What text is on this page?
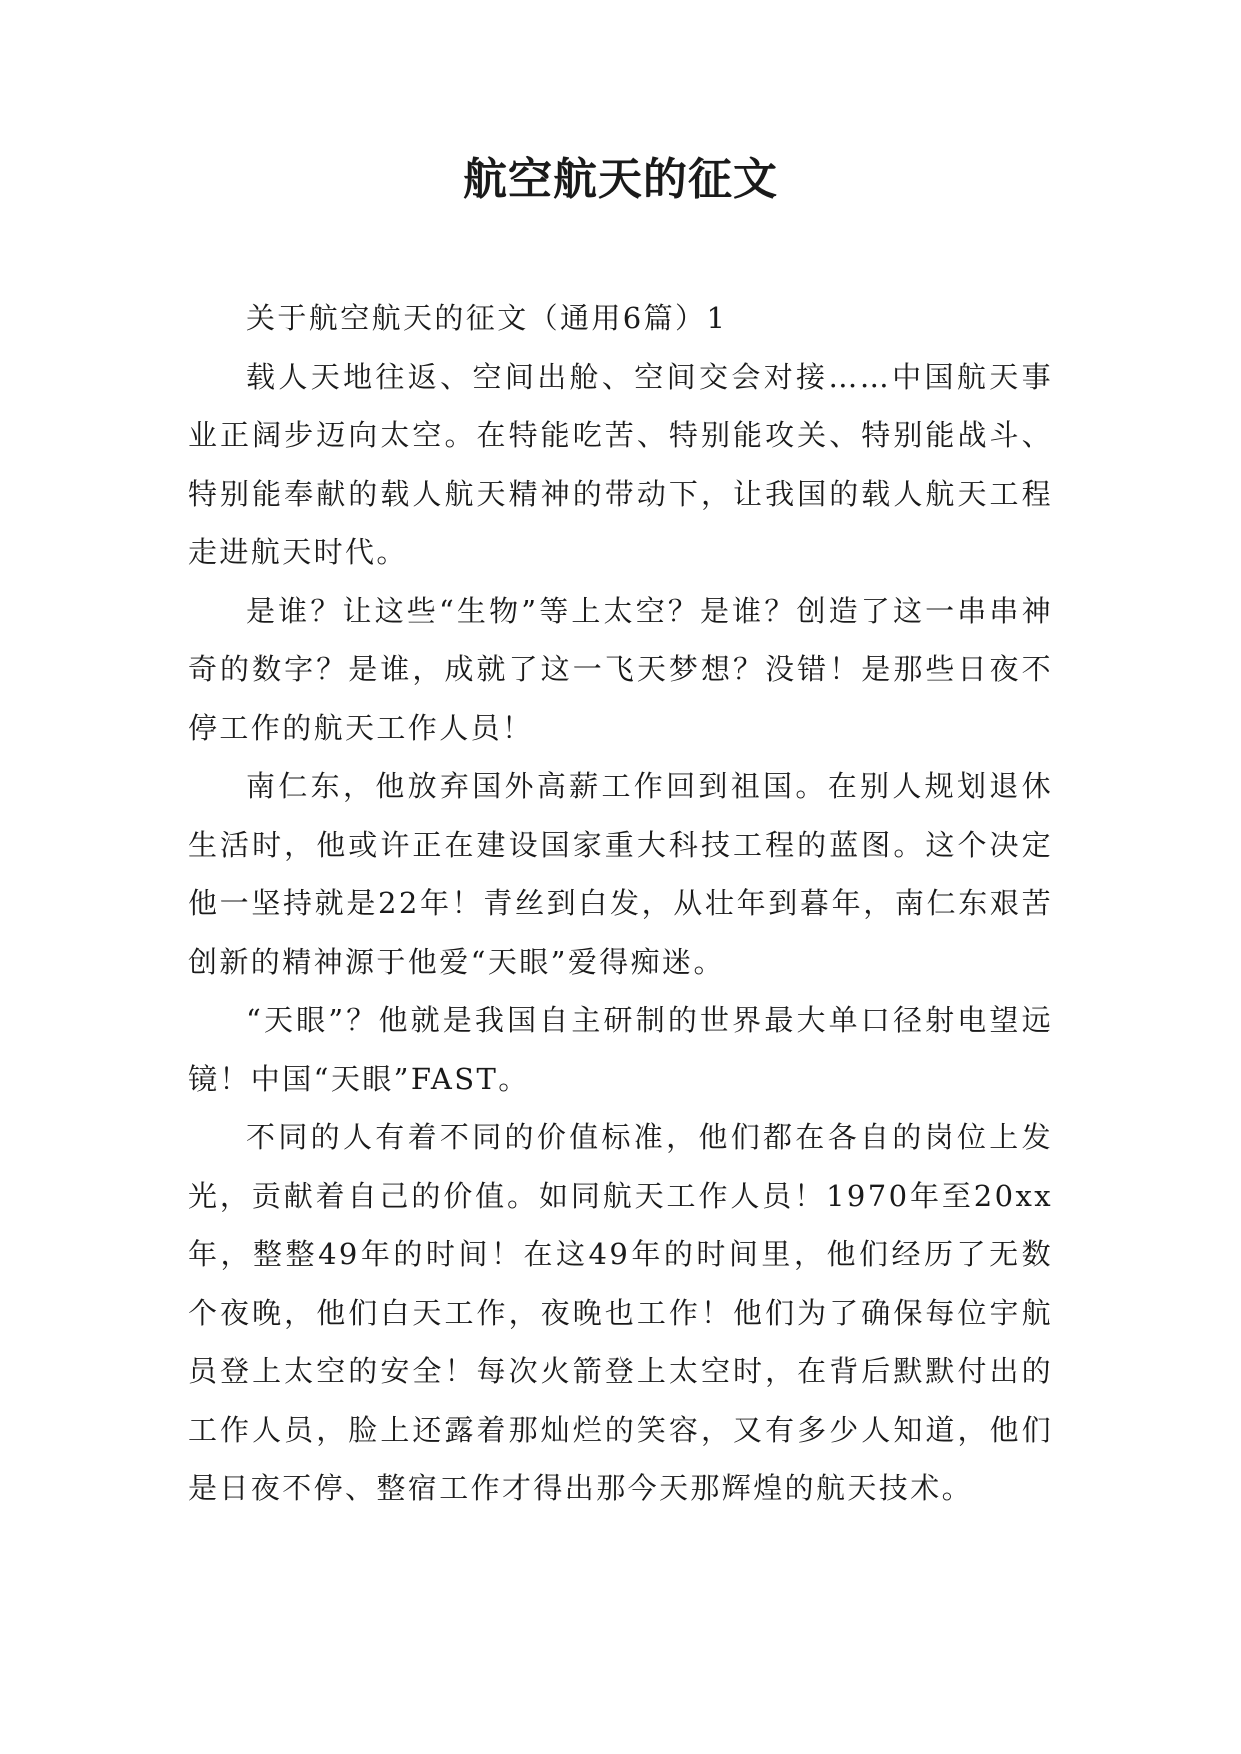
航空航天的征文

关于航空航天的征文（通用6篇）1

载人天地往返、空间出舱、空间交会对接……中国航天事业正阔步迈向太空。在特能吃苦、特别能攻关、特别能战斗、特别能奉献的载人航天精神的带动下，让我国的载人航天工程走进航天时代。

是谁？让这些“生物”等上太空？是谁？创造了这一串串神奇的数字？是谁，成就了这一飞天梦想？没错！是那些日夜不停工作的航天工作人员！

南仁东，他放弃国外高薪工作回到祖国。在别人规划退休生活时，他或许正在建设国家重大科技工程的蓝图。这个决定他一坚持就是22年！青丝到白发，从壮年到暮年，南仁东艰苦创新的精神源于他爱“天眼”爱得痴迷。

“天眼”？他就是我国自主研制的世界最大单口径射电望远镜！中国“天眼”FAST。

不同的人有着不同的价值标准，他们都在各自的岗位上发光，贡献着自己的价值。如同航天工作人员！1970年至20xx年，整整49年的时间！在这49年的时间里，他们经历了无数个夜晚，他们白天工作，夜晚也工作！他们为了确保每位宇航员登上太空的安全！每次火箭登上太空时，在背后默默付出的工作人员，脸上还露着那灿烂的笑容，又有多少人知道，他们是日夜不停、整宿工作才得出那今天那辉煌的航天技术。
